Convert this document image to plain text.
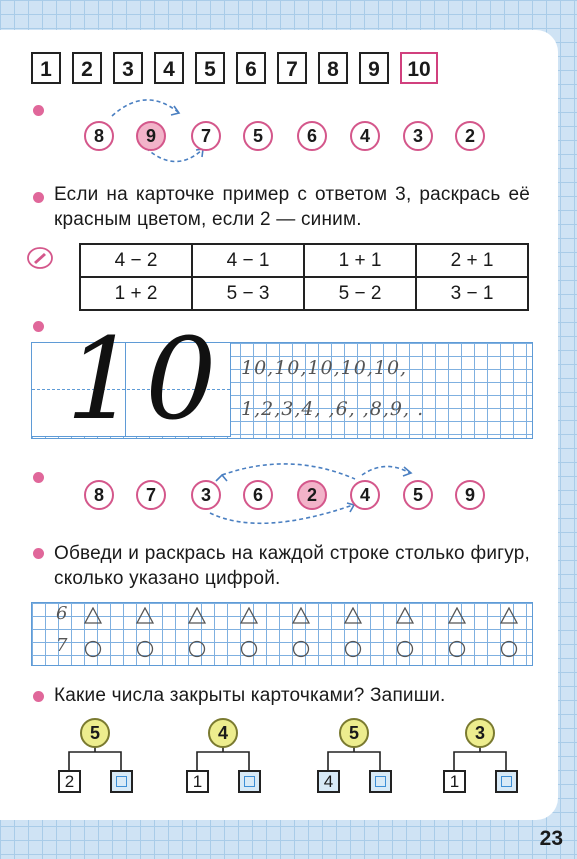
1	2	3	4	5	6	7	8	9	10
8	9	7	5	6	4	3	2
Если на карточке пример с ответом 3, раскрась её красным цветом, если 2 — синим.
4 − 2	4 − 1	1 + 1	2 + 1
1 + 2	5 − 3	5 − 2	3 − 1
10 10,10,10,10,10,
1,2,3,4, ,6, ,8,9, .
8	7	3	6	2	4	5	9
Обведи и раскрась на каждой строке столько фигур, сколько указано цифрой.
6
7
Какие числа закрыты карточками? Запиши.
5
2
4
1
5
4
3
1
23
